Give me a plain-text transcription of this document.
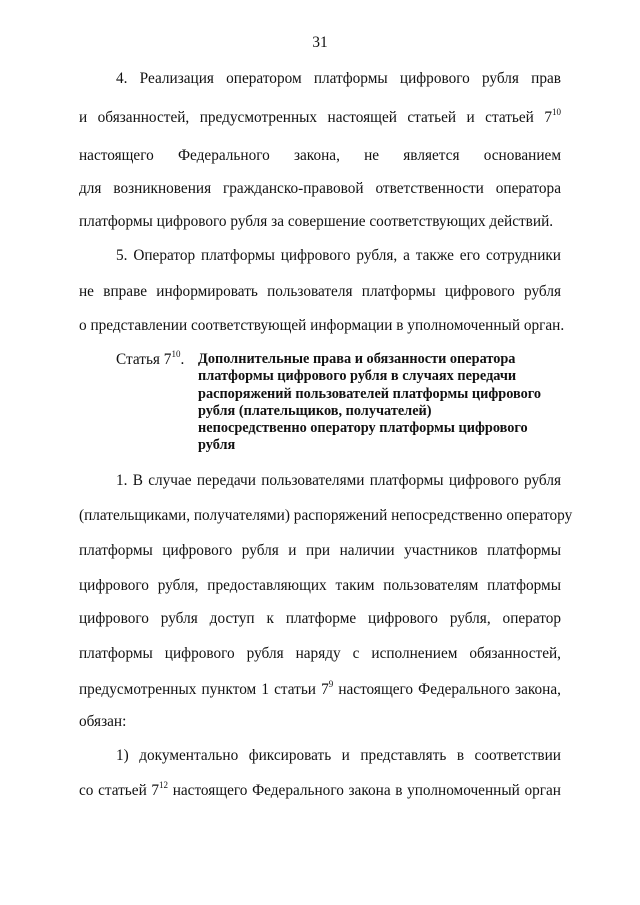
31
4. Реализация оператором платформы цифрового рубля прав
и обязанностей, предусмотренных настоящей статьей и статьей $7^{10}$
настоящего Федерального закона, не является основанием
для возникновения гражданско-правовой ответственности оператора
платформы цифрового рубля за совершение соответствующих действий.
5. Оператор платформы цифрового рубля, а также его сотрудники
не вправе информировать пользователя платформы цифрового рубля
о представлении соответствующей информации в уполномоченный орган.
Статья $7^{10}$. Дополнительные права и обязанности оператора
платформы цифрового рубля в случаях передачи
распоряжений пользователей платформы цифрового
рубля (плательщиков, получателей)
непосредственно оператору платформы цифрового
рубля
1. В случае передачи пользователями платформы цифрового рубля
(плательщиками, получателями) распоряжений непосредственно оператору
платформы цифрового рубля и при наличии участников платформы
цифрового рубля, предоставляющих таким пользователям платформы
цифрового рубля доступ к платформе цифрового рубля, оператор
платформы цифрового рубля наряду с исполнением обязанностей,
предусмотренных пунктом 1 статьи $7^9$ настоящего Федерального закона,
обязан:
1) документально фиксировать и представлять в соответствии
со статьей $7^{12}$ настоящего Федерального закона в уполномоченный орган
